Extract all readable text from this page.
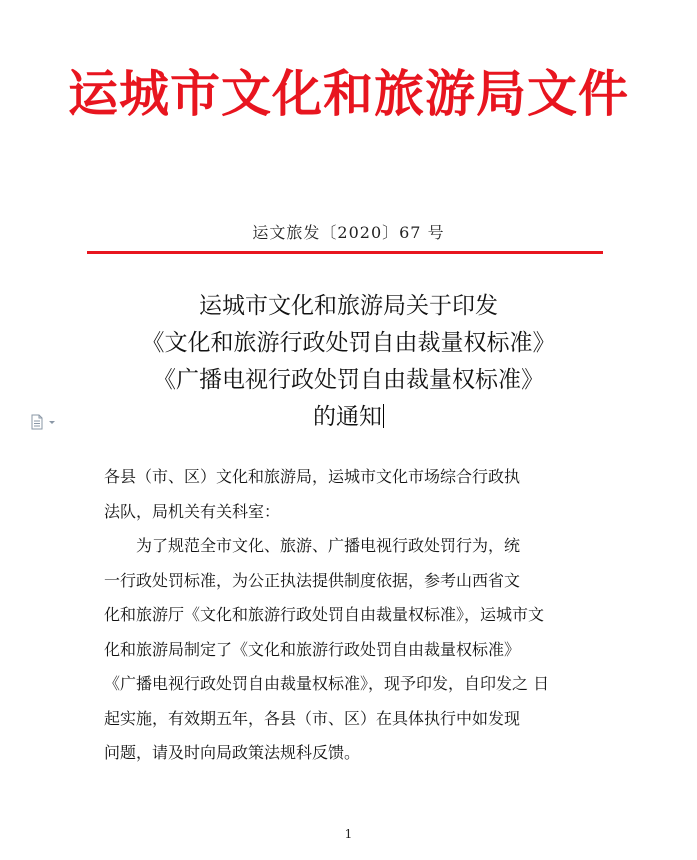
运城市文化和旅游局文件
运文旅发〔2020〕67 号
运城市文化和旅游局关于印发
《文化和旅游行政处罚自由裁量权标准》
《广播电视行政处罚自由裁量权标准》
的通知

各县（市、区）文化和旅游局，运城市文化市场综合行政执
法队，局机关有关科室：

为了规范全市文化、旅游、广播电视行政处罚行为，统
一行政处罚标准，为公正执法提供制度依据，参考山西省文
化和旅游厅《文化和旅游行政处罚自由裁量权标准》，运城市文
化和旅游局制定了《文化和旅游行政处罚自由裁量权标准》
《广播电视行政处罚自由裁量权标准》，现予印发，自印发之 日
起实施，有效期五年，各县（市、区）在具体执行中如发现
问题，请及时向局政策法规科反馈。

1
